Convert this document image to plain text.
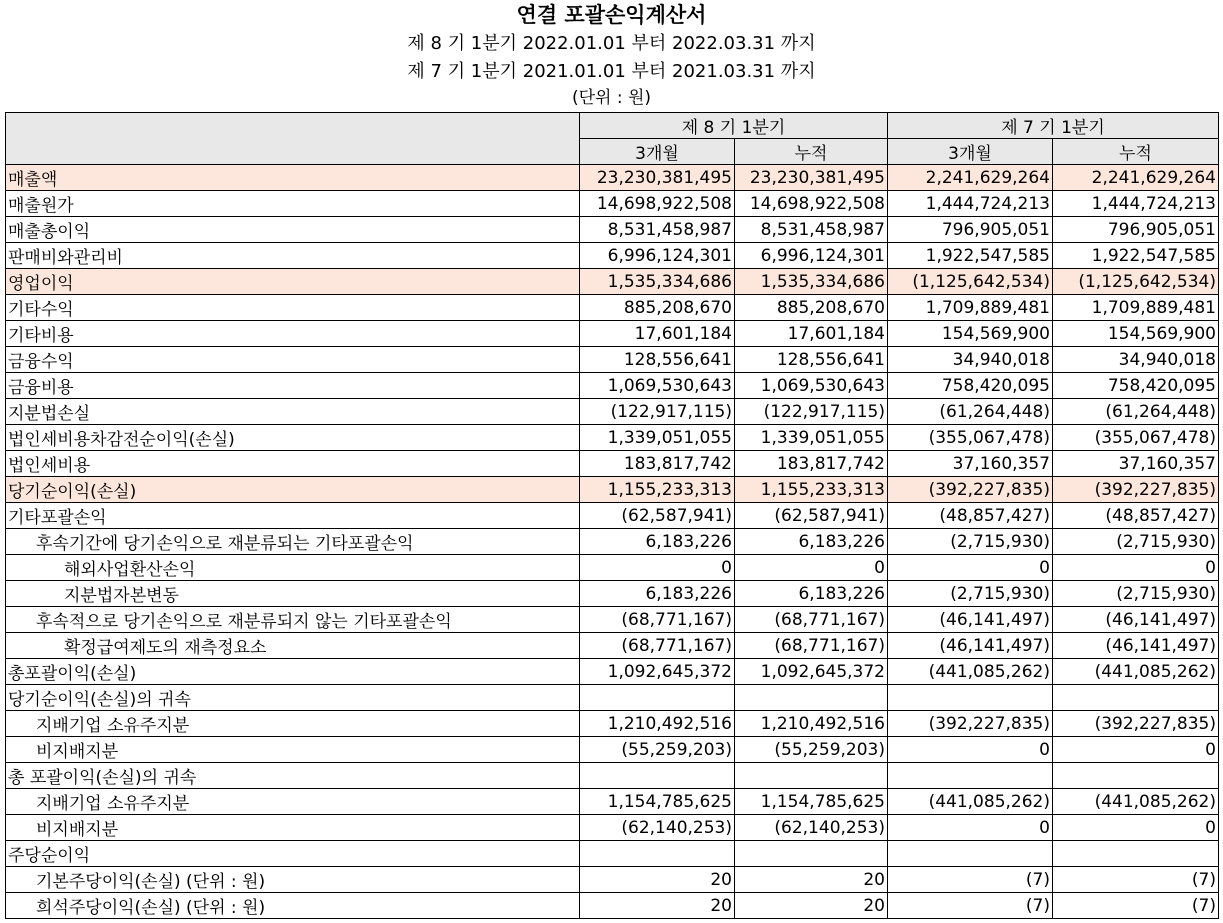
연결 포괄손익계산서
제 8 기 1분기 2022.01.01 부터 2022.03.31 까지
제 7 기 1분기 2021.01.01 부터 2021.03.31 까지
(단위 : 원)
	제 8 기 1분기		제 7 기 1분기	
	3개월	누적	3개월	누적
매출액	23,230,381,495	23,230,381,495	2,241,629,264	2,241,629,264
매출원가	14,698,922,508	14,698,922,508	1,444,724,213	1,444,724,213
매출총이익	8,531,458,987	8,531,458,987	796,905,051	796,905,051
판매비와관리비	6,996,124,301	6,996,124,301	1,922,547,585	1,922,547,585
영업이익	1,535,334,686	1,535,334,686	(1,125,642,534)	(1,125,642,534)
기타수익	885,208,670	885,208,670	1,709,889,481	1,709,889,481
기타비용	17,601,184	17,601,184	154,569,900	154,569,900
금융수익	128,556,641	128,556,641	34,940,018	34,940,018
금융비용	1,069,530,643	1,069,530,643	758,420,095	758,420,095
지분법손실	(122,917,115)	(122,917,115)	(61,264,448)	(61,264,448)
법인세비용차감전순이익(손실)	1,339,051,055	1,339,051,055	(355,067,478)	(355,067,478)
법인세비용	183,817,742	183,817,742	37,160,357	37,160,357
당기순이익(손실)	1,155,233,313	1,155,233,313	(392,227,835)	(392,227,835)
기타포괄손익	(62,587,941)	(62,587,941)	(48,857,427)	(48,857,427)
후속기간에 당기손익으로 재분류되는 기타포괄손익	6,183,226	6,183,226	(2,715,930)	(2,715,930)
해외사업환산손익	0	0	0	0
지분법자본변동	6,183,226	6,183,226	(2,715,930)	(2,715,930)
후속적으로 당기손익으로 재분류되지 않는 기타포괄손익	(68,771,167)	(68,771,167)	(46,141,497)	(46,141,497)
확정급여제도의 재측정요소	(68,771,167)	(68,771,167)	(46,141,497)	(46,141,497)
총포괄이익(손실)	1,092,645,372	1,092,645,372	(441,085,262)	(441,085,262)
당기순이익(손실)의 귀속				
지배기업 소유주지분	1,210,492,516	1,210,492,516	(392,227,835)	(392,227,835)
비지배지분	(55,259,203)	(55,259,203)	0	0
총 포괄이익(손실)의 귀속				
지배기업 소유주지분	1,154,785,625	1,154,785,625	(441,085,262)	(441,085,262)
비지배지분	(62,140,253)	(62,140,253)	0	0
주당순이익				
기본주당이익(손실) (단위 : 원)	20	20	(7)	(7)
희석주당이익(손실) (단위 : 원)	20	20	(7)	(7)
